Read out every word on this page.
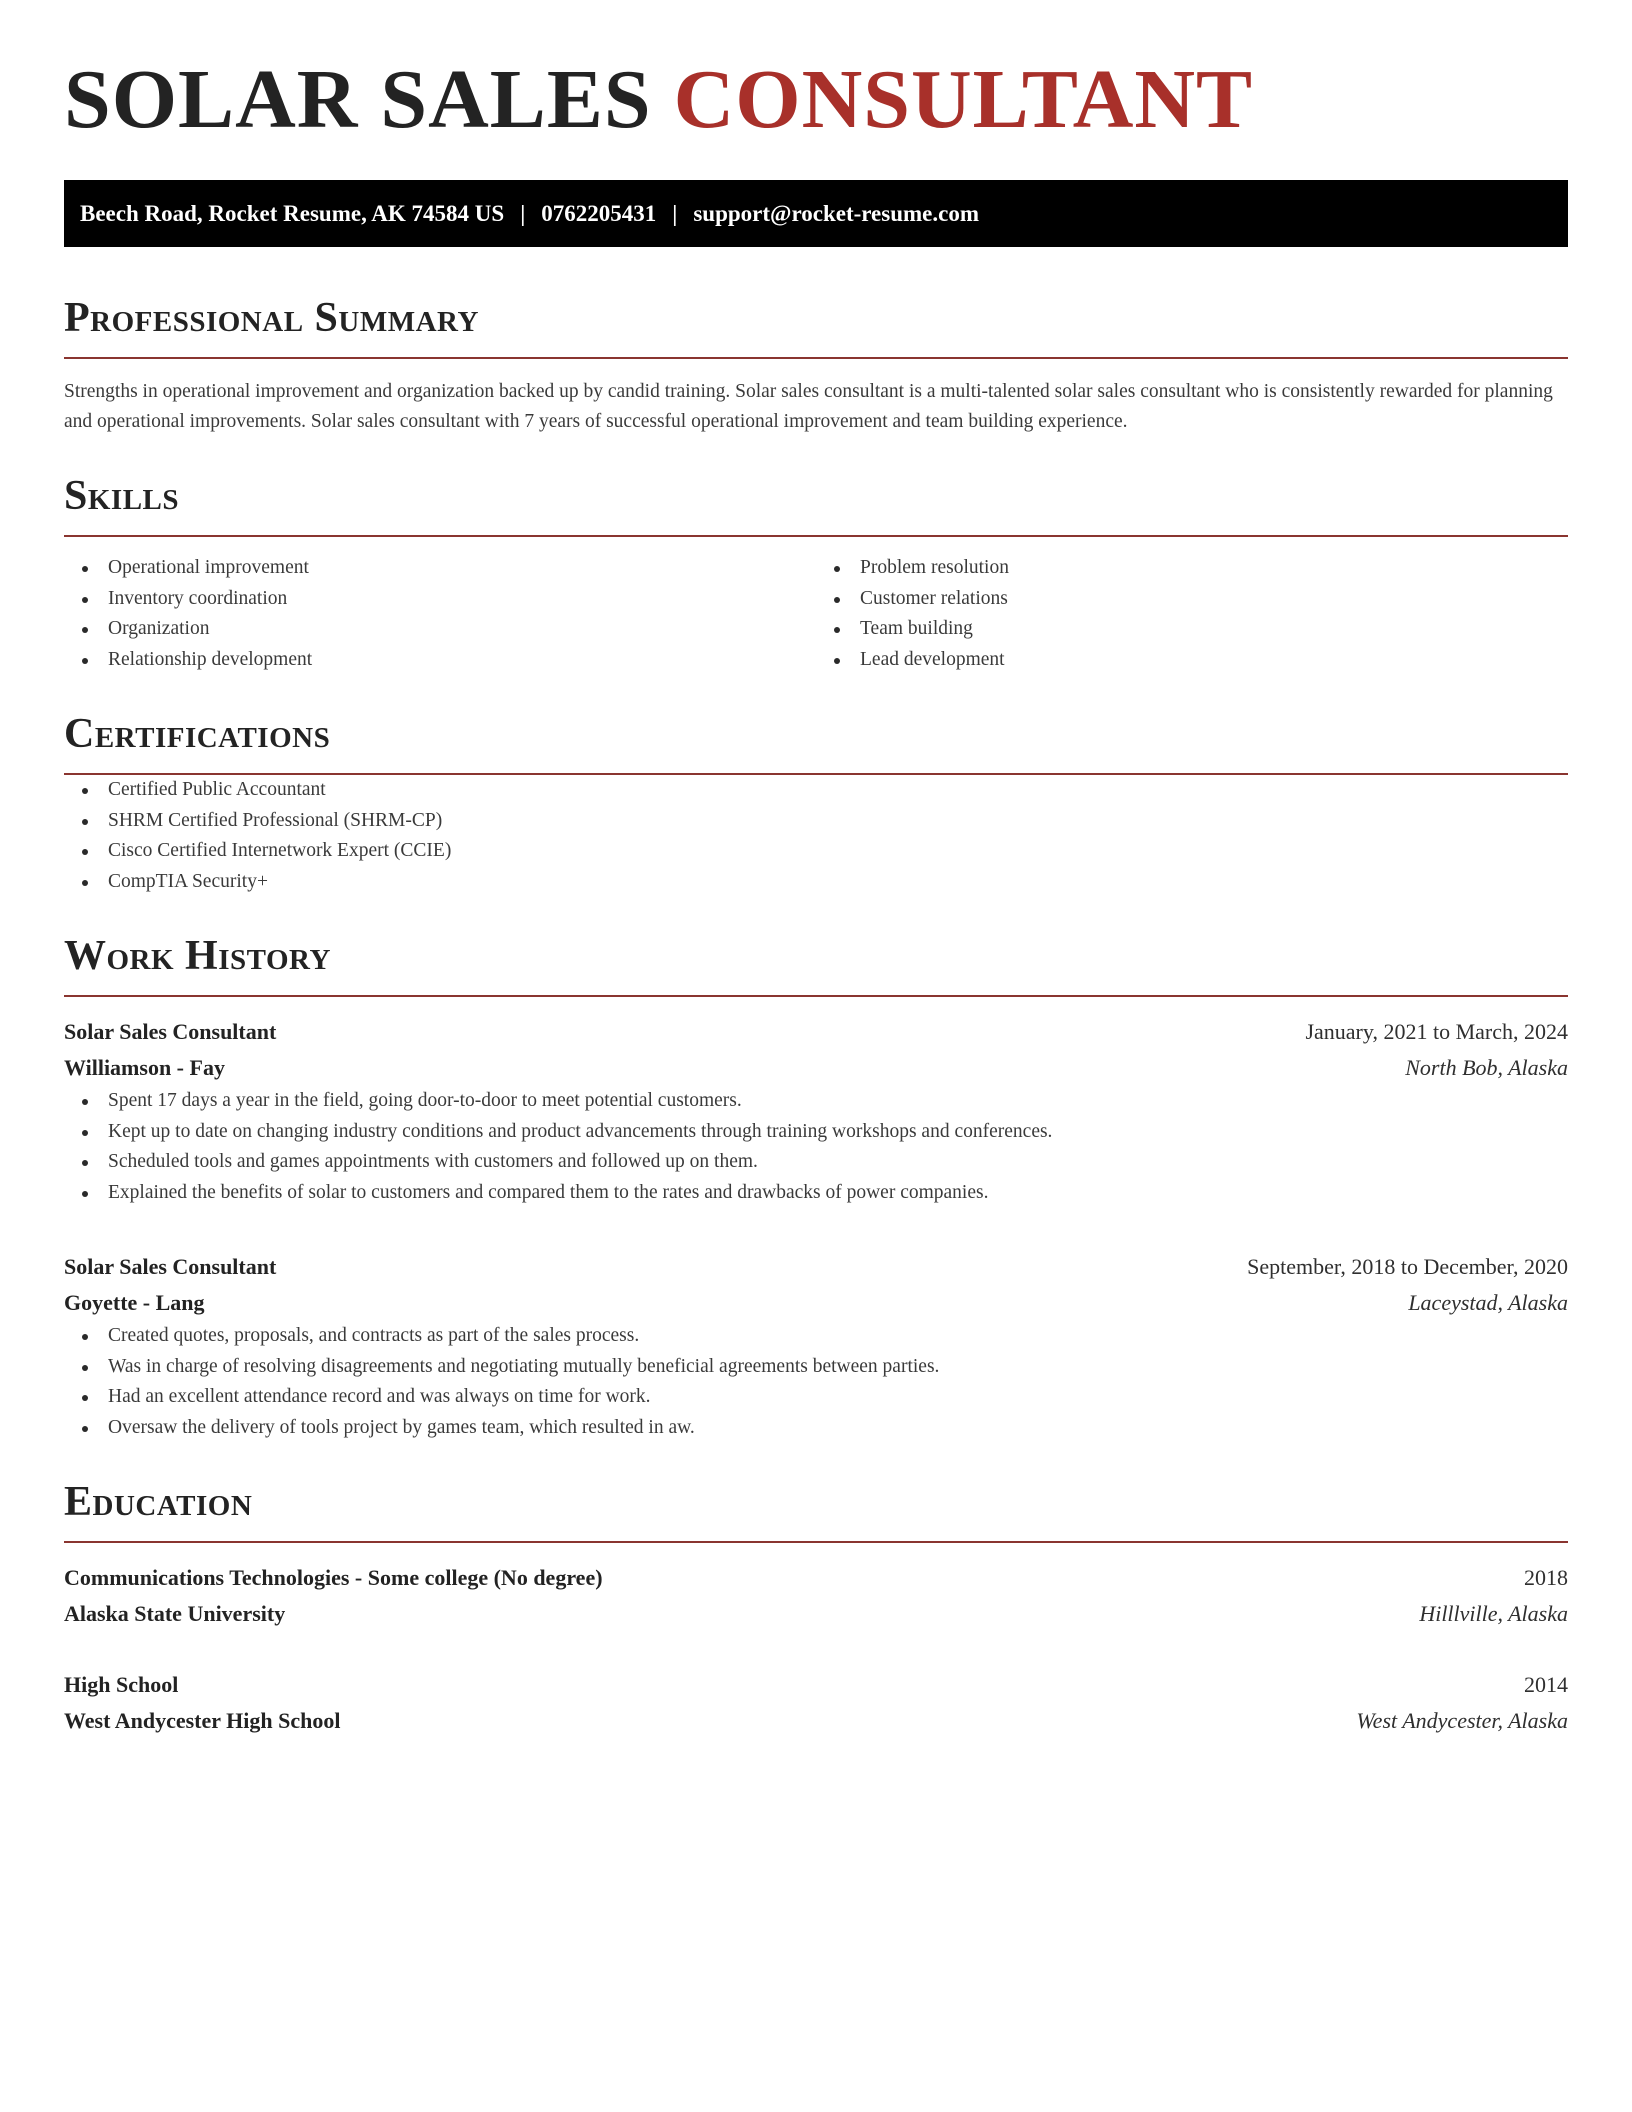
SOLAR SALES CONSULTANT
Beech Road, Rocket Resume, AK 74584 US | 0762205431 | support@rocket-resume.com
Professional Summary

Strengths in operational improvement and organization backed up by candid training. Solar sales consultant is a multi-talented solar sales consultant who is consistently rewarded for planning and operational improvements. Solar sales consultant with 7 years of successful operational improvement and team building experience.

Skills
Operational improvement
Inventory coordination
Organization
Relationship development
Problem resolution
Customer relations
Team building
Lead development
Certifications
Certified Public Accountant
SHRM Certified Professional (SHRM-CP)
Cisco Certified Internetwork Expert (CCIE)
CompTIA Security+
Work History
Solar Sales Consultant	January, 2021 to March, 2024
Williamson - Fay	North Bob, Alaska
Spent 17 days a year in the field, going door-to-door to meet potential customers.
Kept up to date on changing industry conditions and product advancements through training workshops and conferences.
Scheduled tools and games appointments with customers and followed up on them.
Explained the benefits of solar to customers and compared them to the rates and drawbacks of power companies.
Solar Sales Consultant	September, 2018 to December, 2020
Goyette - Lang	Laceystad, Alaska
Created quotes, proposals, and contracts as part of the sales process.
Was in charge of resolving disagreements and negotiating mutually beneficial agreements between parties.
Had an excellent attendance record and was always on time for work.
Oversaw the delivery of tools project by games team, which resulted in aw.
Education
Communications Technologies - Some college (No degree)	2018
Alaska State University	Hilllville, Alaska
High School	2014
West Andycester High School	West Andycester, Alaska
